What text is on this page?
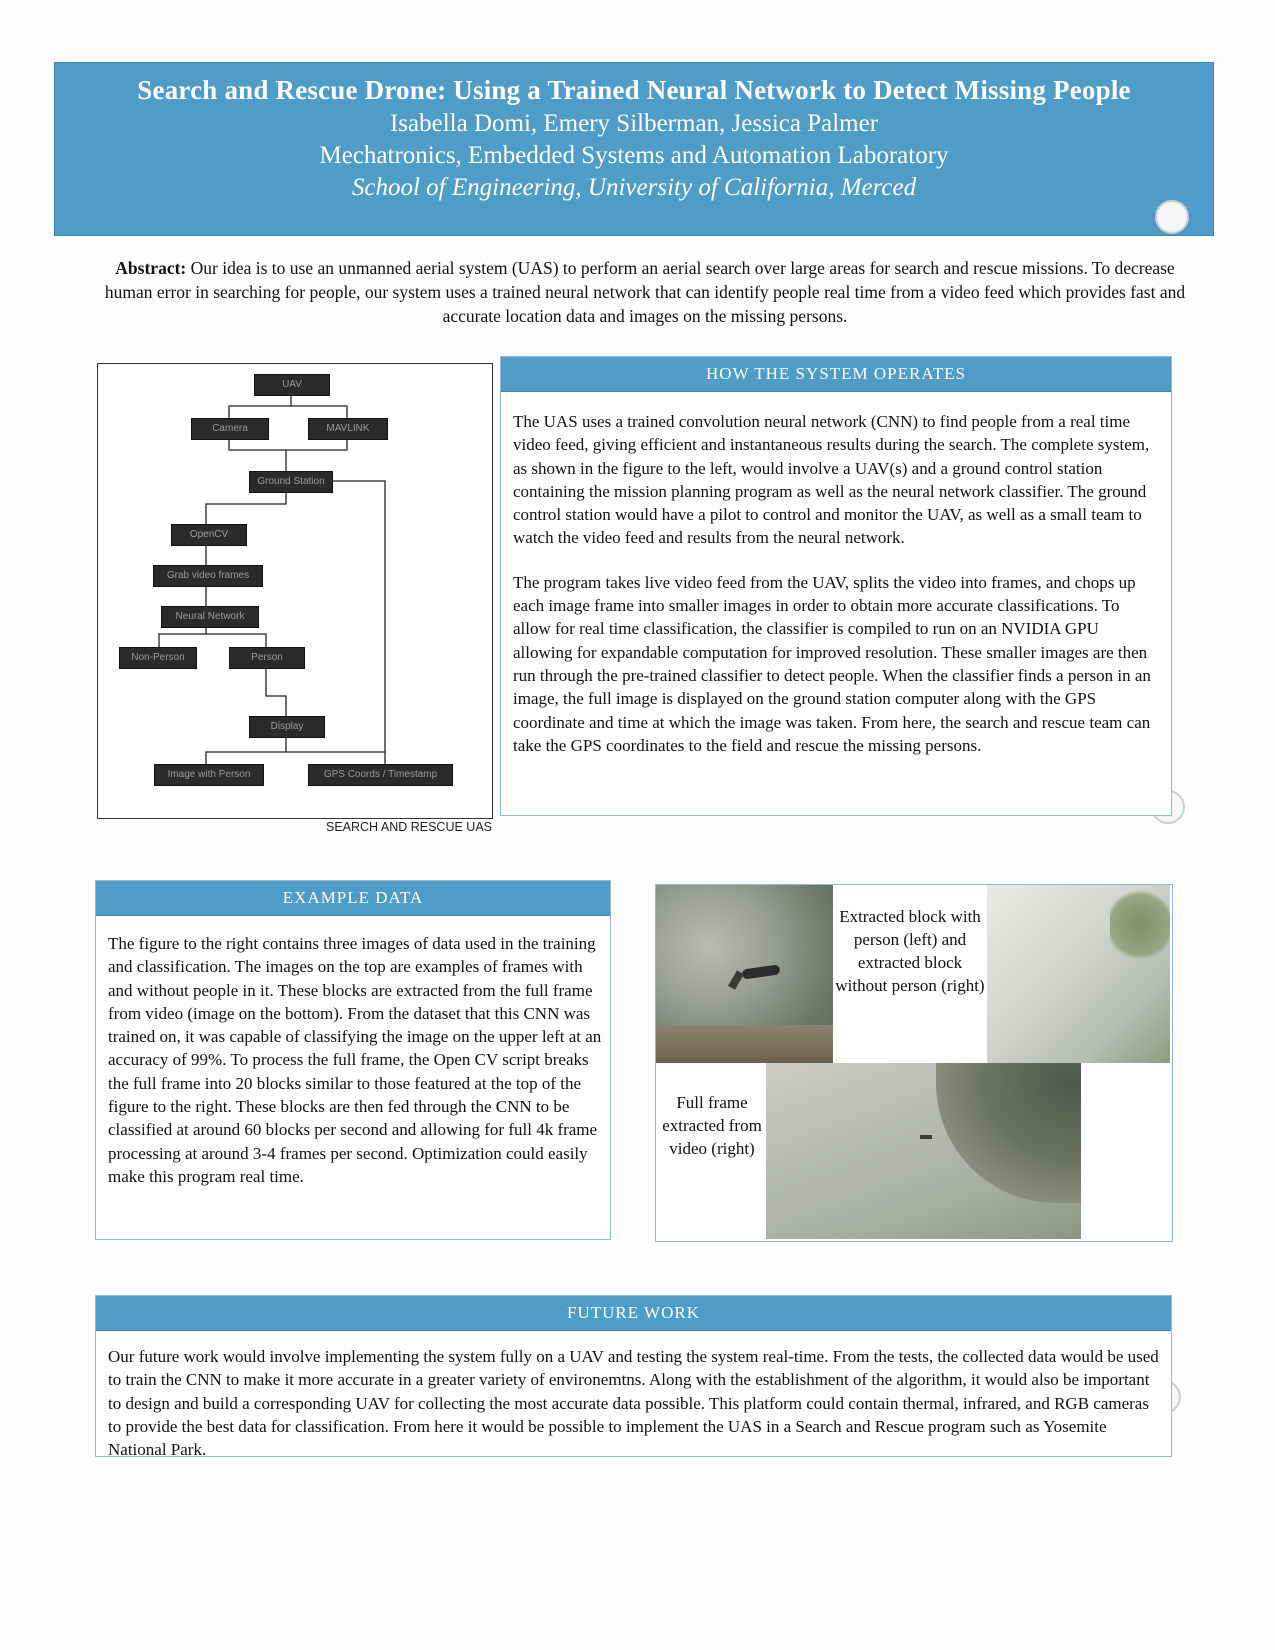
Search and Rescue Drone: Using a Trained Neural Network to Detect Missing People
Isabella Domi, Emery Silberman, Jessica Palmer
Mechatronics, Embedded Systems and Automation Laboratory
School of Engineering, University of California, Merced
Abstract: Our idea is to use an unmanned aerial system (UAS) to perform an aerial search over large areas for search and rescue missions. To decrease human error in searching for people, our system uses a trained neural network that can identify people real time from a video feed which provides fast and accurate location data and images on the missing persons.
UAV
Camera	MAVLINK
Ground Station
OpenCV
Grab video frames
Neural Network
Non-Person	Person
Display
Image with Person	GPS Coords / Timestamp
SEARCH AND RESCUE UAS
HOW THE SYSTEM OPERATES

The UAS uses a trained convolution neural network (CNN) to find people from a real time video feed, giving efficient and instantaneous results during the search. The complete system, as shown in the figure to the left, would involve a UAV(s) and a ground control station containing the mission planning program as well as the neural network classifier. The ground control station would have a pilot to control and monitor the UAV, as well as a small team to watch the video feed and results from the neural network.

The program takes live video feed from the UAV, splits the video into frames, and chops up each image frame into smaller images in order to obtain more accurate classifications. To allow for real time classification, the classifier is compiled to run on an NVIDIA GPU allowing for expandable computation for improved resolution. These smaller images are then run through the pre-trained classifier to detect people. When the classifier finds a person in an image, the full image is displayed on the ground station computer along with the GPS coordinate and time at which the image was taken. From here, the search and rescue team can take the GPS coordinates to the field and rescue the missing persons.

EXAMPLE DATA

The figure to the right contains three images of data used in the training and classification. The images on the top are examples of frames with and without people in it. These blocks are extracted from the full frame from video (image on the bottom). From the dataset that this CNN was trained on, it was capable of classifying the image on the upper left at an accuracy of 99%. To process the full frame, the Open CV script breaks the full frame into 20 blocks similar to those featured at the top of the figure to the right. These blocks are then fed through the CNN to be classified at around 60 blocks per second and allowing for full 4k frame processing at around 3-4 frames per second. Optimization could easily make this program real time.

Extracted block with person (left) and extracted block without person (right)
Full frame extracted from video (right)
FUTURE WORK

Our future work would involve implementing the system fully on a UAV and testing the system real-time. From the tests, the collected data would be used to train the CNN to make it more accurate in a greater variety of environemtns. Along with the establishment of the algorithm, it would also be important to design and build a corresponding UAV for collecting the most accurate data possible. This platform could contain thermal, infrared, and RGB cameras to provide the best data for classification. From here it would be possible to implement the UAS in a Search and Rescue program such as Yosemite National Park.
